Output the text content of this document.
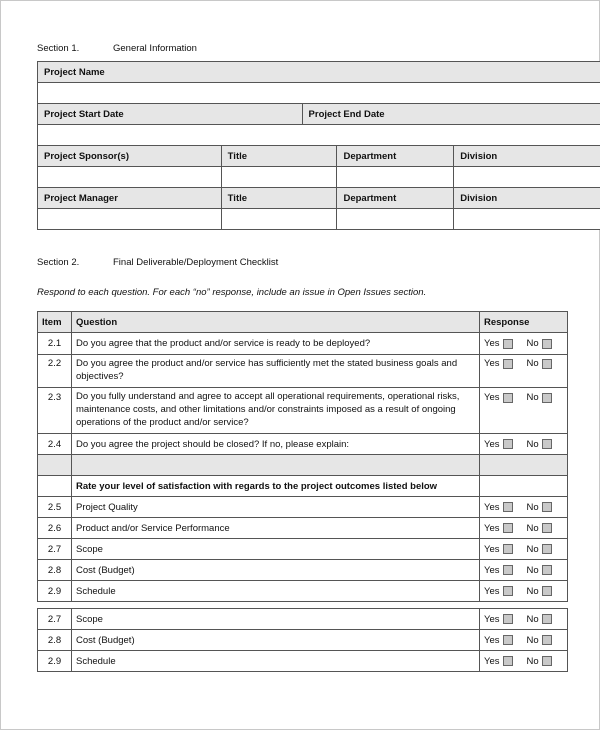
Section 1.	General Information
Project Name
Project Start Date	Project End Date
Project Sponsor(s)	Title	Department	Division
Project Manager	Title	Department	Division
Section 2.	Final Deliverable/Deployment Checklist
Respond to each question. For each “no” response, include an issue in Open Issues section.
Item	Question	Response
2.1	Do you agree that the product and/or service is ready to be deployed?	Yes No

2.2	Do you agree the product and/or service has sufficiently met the stated business goals and objectives?	Yes No

2.3	Do you fully understand and agree to accept all operational requirements, operational risks, maintenance costs, and other limitations and/or constraints imposed as a result of ongoing operations of the product and/or service?	Yes No

2.4	Do you agree the project should be closed? If no, please explain:	Yes No

	Rate your level of satisfaction with regards to the project outcomes listed below	
2.5	Project Quality	Yes No

2.6	Product and/or Service Performance	Yes No

2.7	Scope	Yes No

2.8	Cost (Budget)	Yes No

2.9	Schedule	Yes No
2.7	Scope	Yes No

2.8	Cost (Budget)	Yes No

2.9	Schedule	Yes No
